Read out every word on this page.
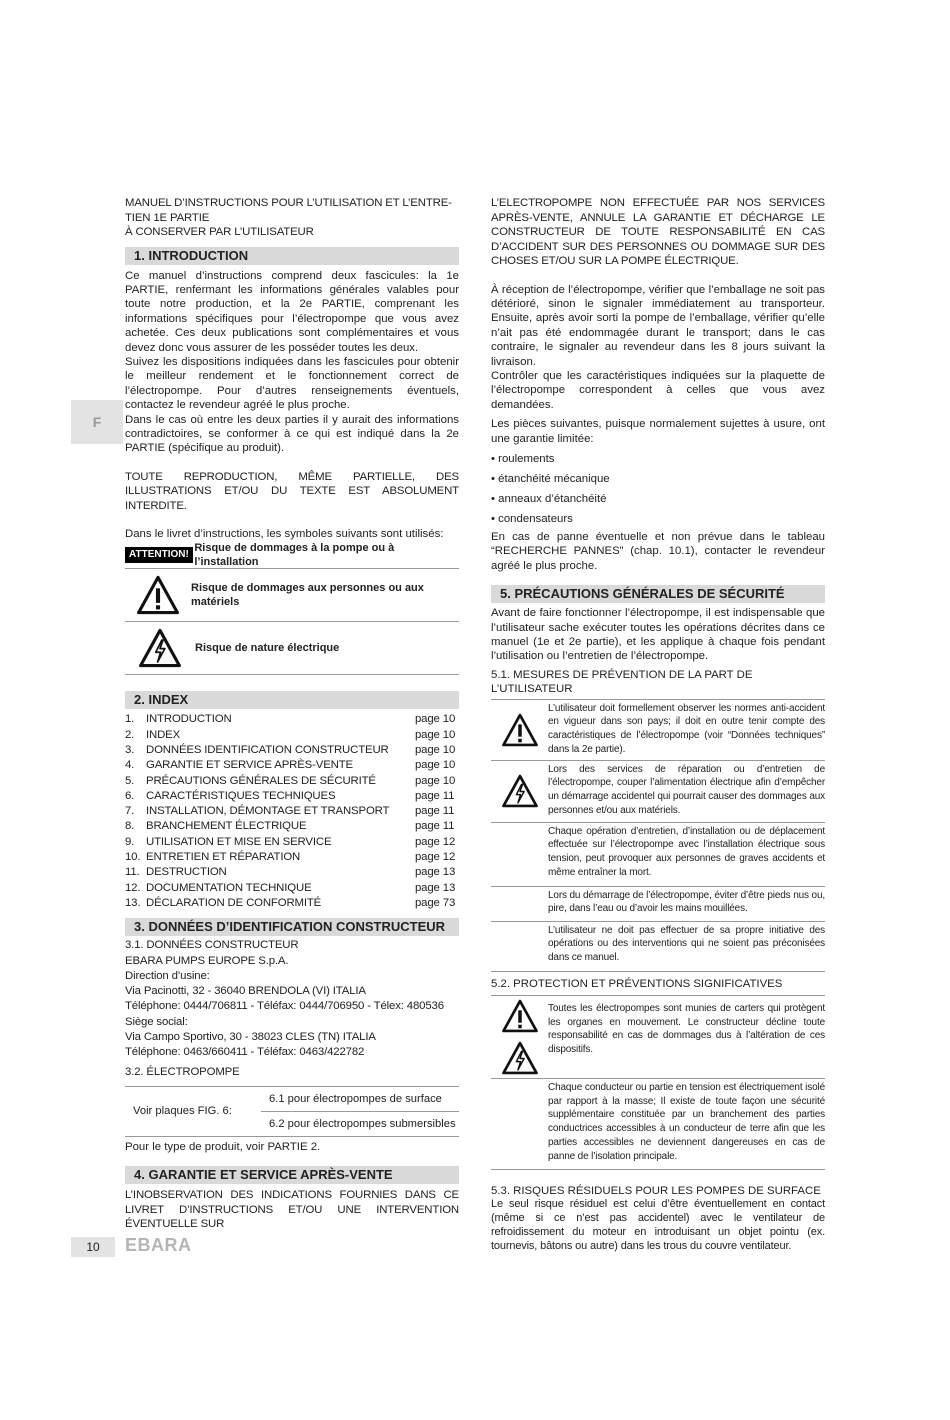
F
MANUEL D’INSTRUCTIONS POUR L’UTILISATION ET L’ENTRE-
TIEN 1E PARTIE
À CONSERVER PAR L’UTILISATEUR
1. INTRODUCTION

Ce manuel d’instructions comprend deux fascicules: la 1e PARTIE, renfermant les informations générales valables pour toute notre production, et la 2e PARTIE, comprenant les informations spécifiques pour l’électropompe que vous avez achetée. Ces deux publications sont complémentaires et vous devez donc vous assurer de les posséder toutes les deux.

Suivez les dispositions indiquées dans les fascicules pour obtenir le meilleur rendement et le fonctionnement correct de l’électropompe. Pour d’autres renseignements éventuels, contactez le revendeur agréé le plus proche.

Dans le cas où entre les deux parties il y aurait des informations contradictoires, se conformer à ce qui est indiqué dans la 2e PARTIE (spécifique au produit).

TOUTE REPRODUCTION, MÊME PARTIELLE, DES ILLUSTRATIONS ET/OU DU TEXTE EST ABSOLUMENT INTERDITE.

Dans le livret d’instructions, les symboles suivants sont utilisés:

ATTENTION!
Risque de dommages à la pompe ou à l’installation
Risque de dommages aux personnes ou aux matériels
Risque de nature électrique
2. INDEX
1. INTRODUCTION	page 10
2. INDEX	page 10
3. DONNÉES IDENTIFICATION CONSTRUCTEUR page 10
4. GARANTIE ET SERVICE APRÈS-VENTE	page 10
5. PRÉCAUTIONS GÉNÉRALES DE SÉCURITÉ	page 10
6. CARACTÉRISTIQUES TECHNIQUES	page 11
7. INSTALLATION, DÉMONTAGE ET TRANSPORT page 11
8. BRANCHEMENT ÉLECTRIQUE	page 11
9. UTILISATION ET MISE EN SERVICE	page 12
10. ENTRETIEN ET RÉPARATION	page 12
11. DESTRUCTION	page 13
12. DOCUMENTATION TECHNIQUE	page 13
13. DÉCLARATION DE CONFORMITÉ	page 73
3. DONNÉES D’IDENTIFICATION CONSTRUCTEUR
3.1. DONNÉES CONSTRUCTEUR
EBARA PUMPS EUROPE S.p.A.
Direction d’usine:
Via Pacinotti, 32 - 36040 BRENDOLA (VI) ITALIA
Téléphone: 0444/706811 - Téléfax: 0444/706950 - Télex: 480536
Siège social:
Via Campo Sportivo, 30 - 38023 CLES (TN) ITALIA
Téléphone: 0463/660411 - Téléfax: 0463/422782
3.2. ÉLECTROPOMPE
Voir plaques FIG. 6:	6.1 pour électropompes de surface
6.2 pour électropompes submersibles
Pour le type de produit, voir PARTIE 2.
4. GARANTIE ET SERVICE APRÈS-VENTE

L’INOBSERVATION DES INDICATIONS FOURNIES DANS CE LIVRET D’INSTRUCTIONS ET/OU UNE INTERVENTION ÉVENTUELLE SUR

L’ELECTROPOMPE NON EFFECTUÉE PAR NOS SERVICES APRÈS-VENTE, ANNULE LA GARANTIE ET DÉCHARGE LE CONSTRUCTEUR DE TOUTE RESPONSABILITÉ EN CAS D’ACCIDENT SUR DES PERSONNES OU DOMMAGE SUR DES CHOSES ET/OU SUR LA POMPE ÉLECTRIQUE.

À réception de l’électropompe, vérifier que l’emballage ne soit pas détérioré, sinon le signaler immédiatement au transporteur. Ensuite, après avoir sorti la pompe de l’emballage, vérifier qu’elle n’ait pas été endommagée durant le transport; dans le cas contraire, le signaler au revendeur dans les 8 jours suivant la livraison.

Contrôler que les caractéristiques indiquées sur la plaquette de l’électropompe correspondent à celles que vous avez demandées.

Les pièces suivantes, puisque normalement sujettes à usure, ont une garantie limitée:

• roulements
• étanchéité mécanique
• anneaux d’étanchéité
• condensateurs

En cas de panne éventuelle et non prévue dans le tableau “RECHERCHE PANNES” (chap. 10.1), contacter le revendeur agréé le plus proche.

5. PRÉCAUTIONS GÉNÉRALES DE SÉCURITÉ

Avant de faire fonctionner l’électropompe, il est indispensable que l’utilisateur sache exécuter toutes les opérations décrites dans ce manuel (1e et 2e partie), et les applique à chaque fois pendant l’utilisation ou l’entretien de l’électropompe.

5.1. MESURES DE PRÉVENTION DE LA PART DE L’UTILISATEUR
L’utilisateur doit formellement observer les normes anti-accident en vigueur dans son pays; il doit en outre tenir compte des caractéristiques de l’électropompe (voir “Données techniques” dans la 2e partie).
Lors des services de réparation ou d’entretien de l’électropompe, couper l’alimentation électrique afin d’empêcher un démarrage accidentel qui pourrait causer des dommages aux personnes et/ou aux matériels.
Chaque opération d’entretien, d’installation ou de déplacement effectuée sur l’électropompe avec l’installation électrique sous tension, peut provoquer aux personnes de graves accidents et même entraîner la mort.
Lors du démarrage de l’électropompe, éviter d’être pieds nus ou, pire, dans l’eau ou d’avoir les mains mouillées.
L’utilisateur ne doit pas effectuer de sa propre initiative des opérations ou des interventions qui ne soient pas préconisées dans ce manuel.
5.2. PROTECTION ET PRÉVENTIONS SIGNIFICATIVES
Toutes les électropompes sont munies de carters qui protègent les organes en mouvement. Le constructeur décline toute responsabilité en cas de dommages dus à l’altération de ces dispositifs.
Chaque conducteur ou partie en tension est électriquement isolé par rapport à la masse; Il existe de toute façon une sécurité supplémentaire constituée par un branchement des parties conductrices accessibles à un conducteur de terre afin que les parties accessibles ne deviennent dangereuses en cas de panne de l’isolation principale.
5.3. RISQUES RÉSIDUELS POUR LES POMPES DE SURFACE

Le seul risque résiduel est celui d’être éventuellement en contact (même si ce n’est pas accidentel) avec le ventilateur de refroidissement du moteur en introduisant un objet pointu (ex. tournevis, bâtons ou autre) dans les trous du couvre ventilateur.

10	EBARA
